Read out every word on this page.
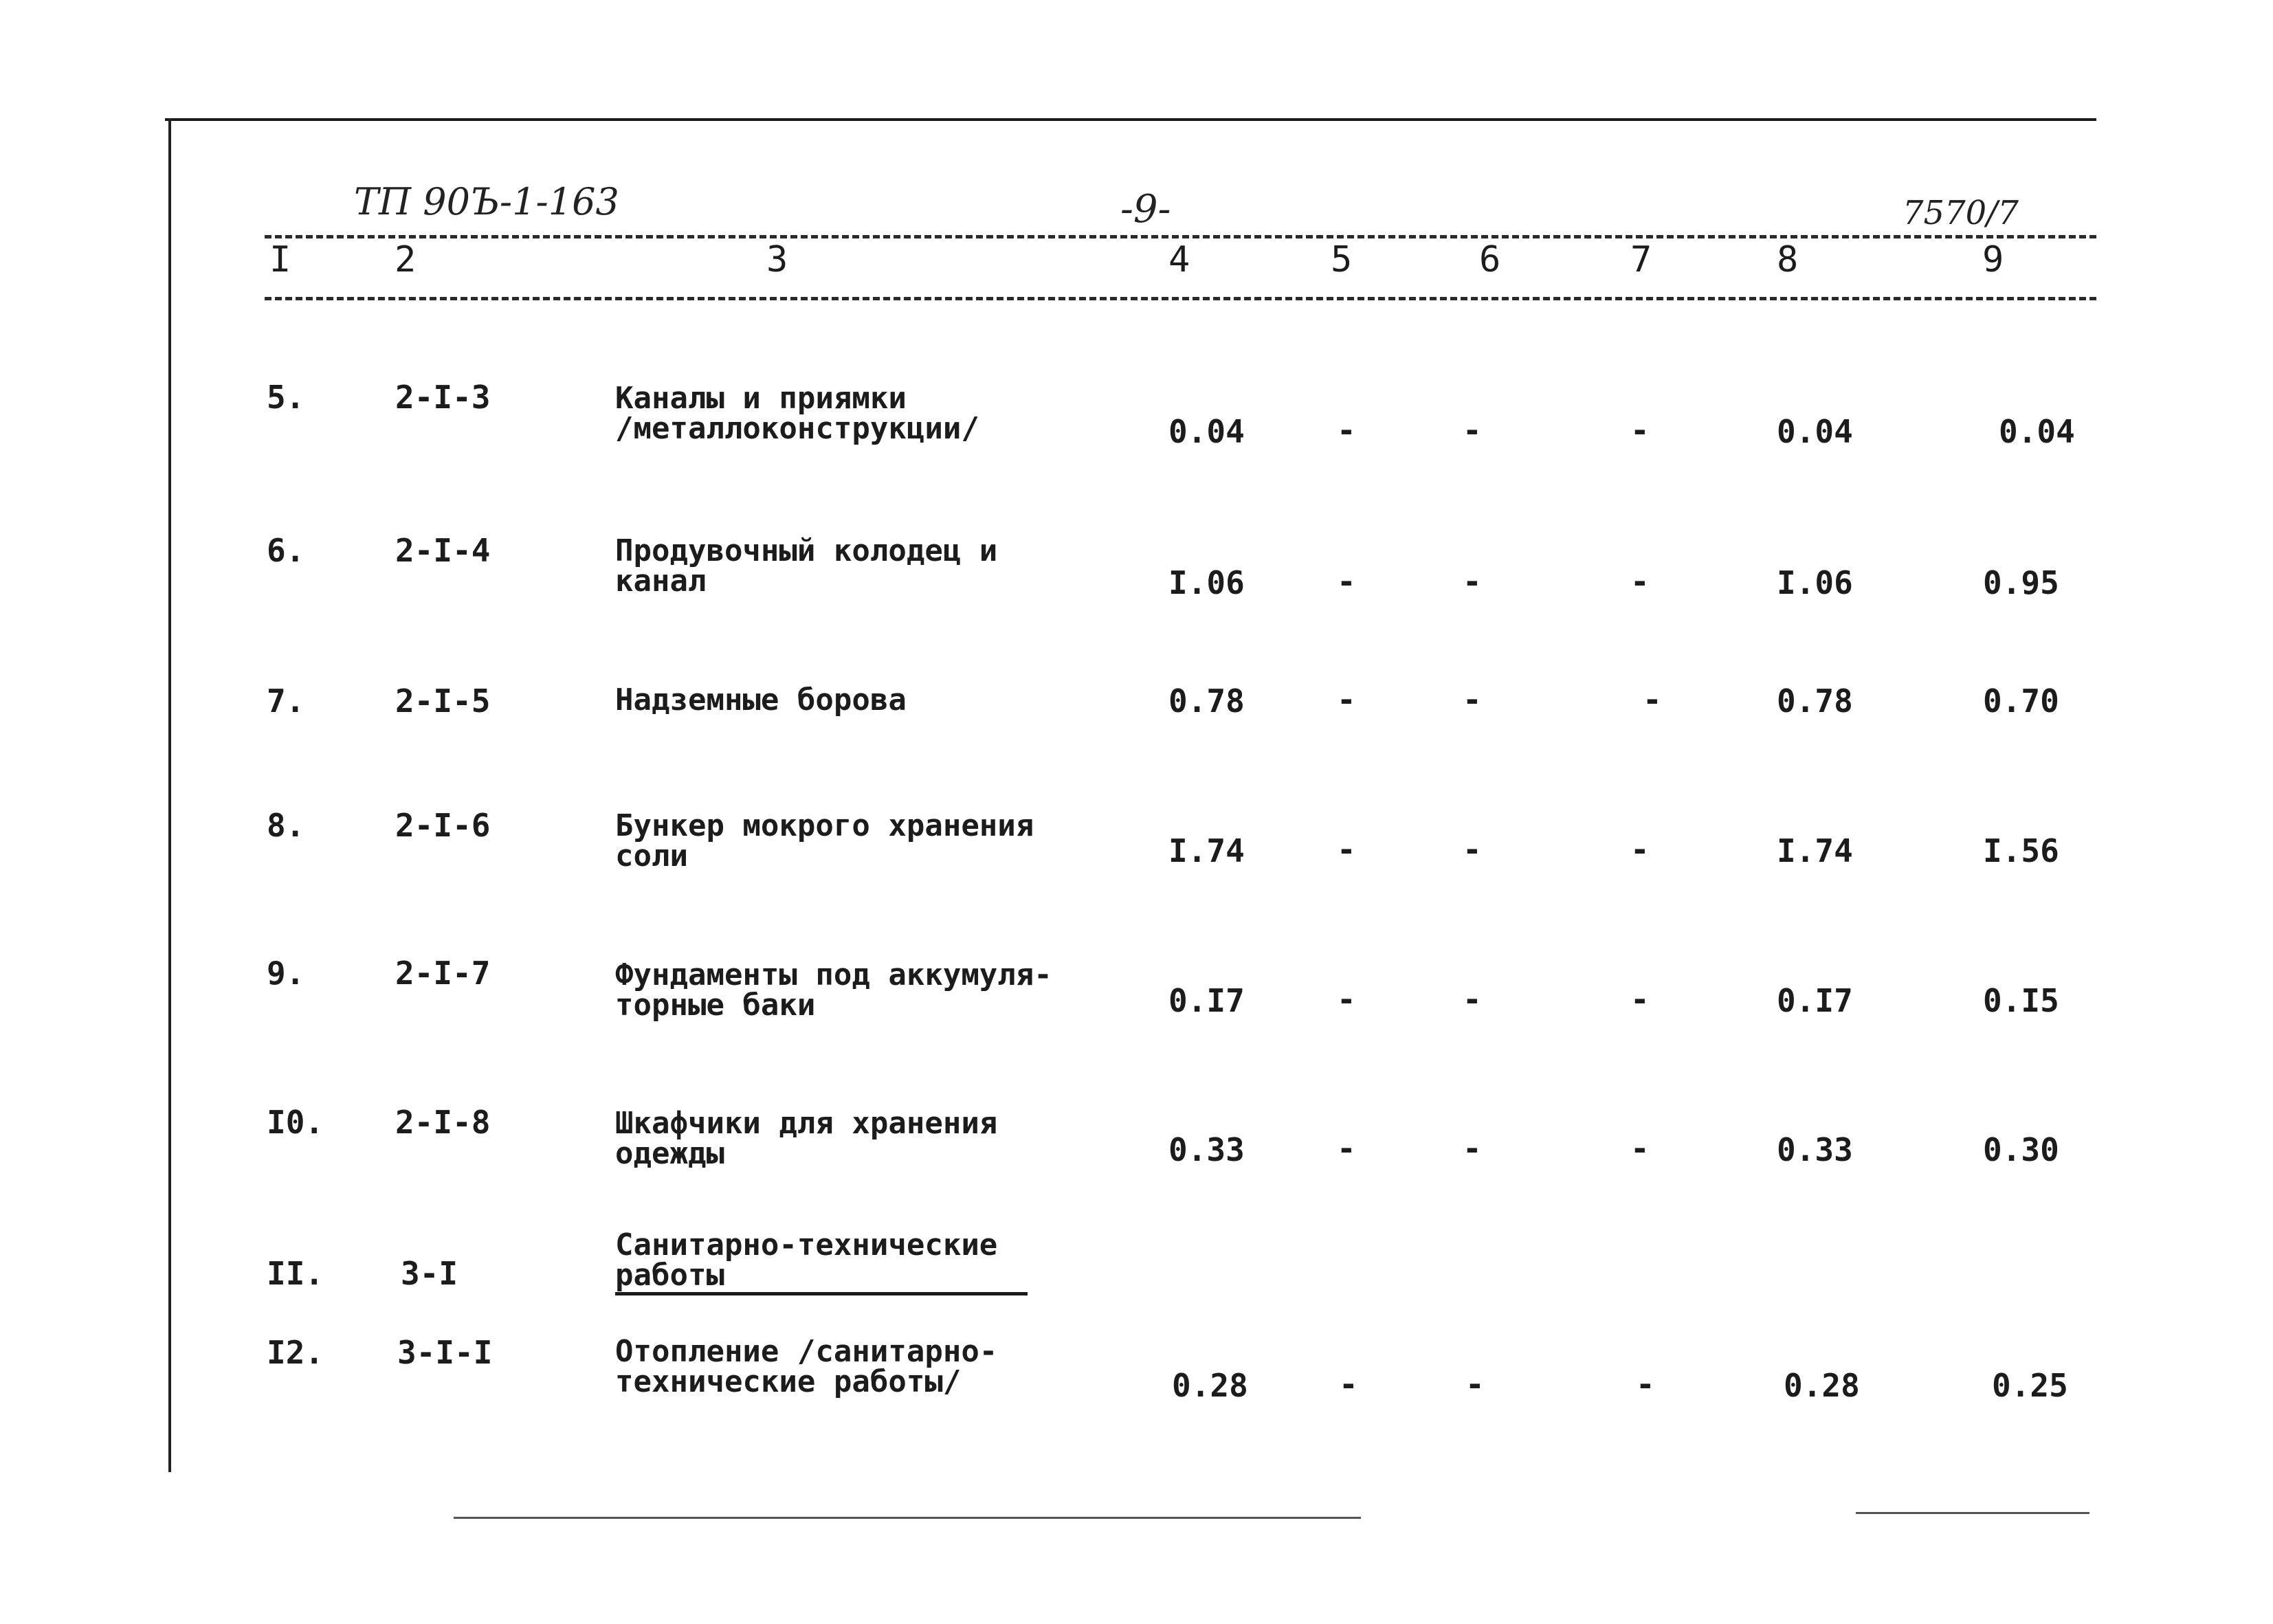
ТП 90Ъ-1-163	-9-	7570/7
I	2	3	4	5	6	7	8	9
5.	2-I-3	Каналы и приямки
/металлоконструкции/	0.04	-	-	-	0.04	0.04
6.	2-I-4	Продувочный колодец и
канал	I.06	-	-	-	I.06	0.95
7.	2-I-5	Надземные борова	0.78	-	-	-	0.78	0.70
8.	2-I-6	Бункер мокрого хранения
соли	I.74	-	-	-	I.74	I.56
9.	2-I-7	Фундаменты под аккумуля-
торные баки	0.I7	-	-	-	0.I7	0.I5
I0. 2-I-8	Шкафчики для хранения
одежды	0.33	-	-	-	0.33	0.30
II. 3-I
Санитарно-технические
работы
I2. 3-I-I	Отопление /санитарно-
технические работы/	0.28	-	-	-	0.28	0.25
